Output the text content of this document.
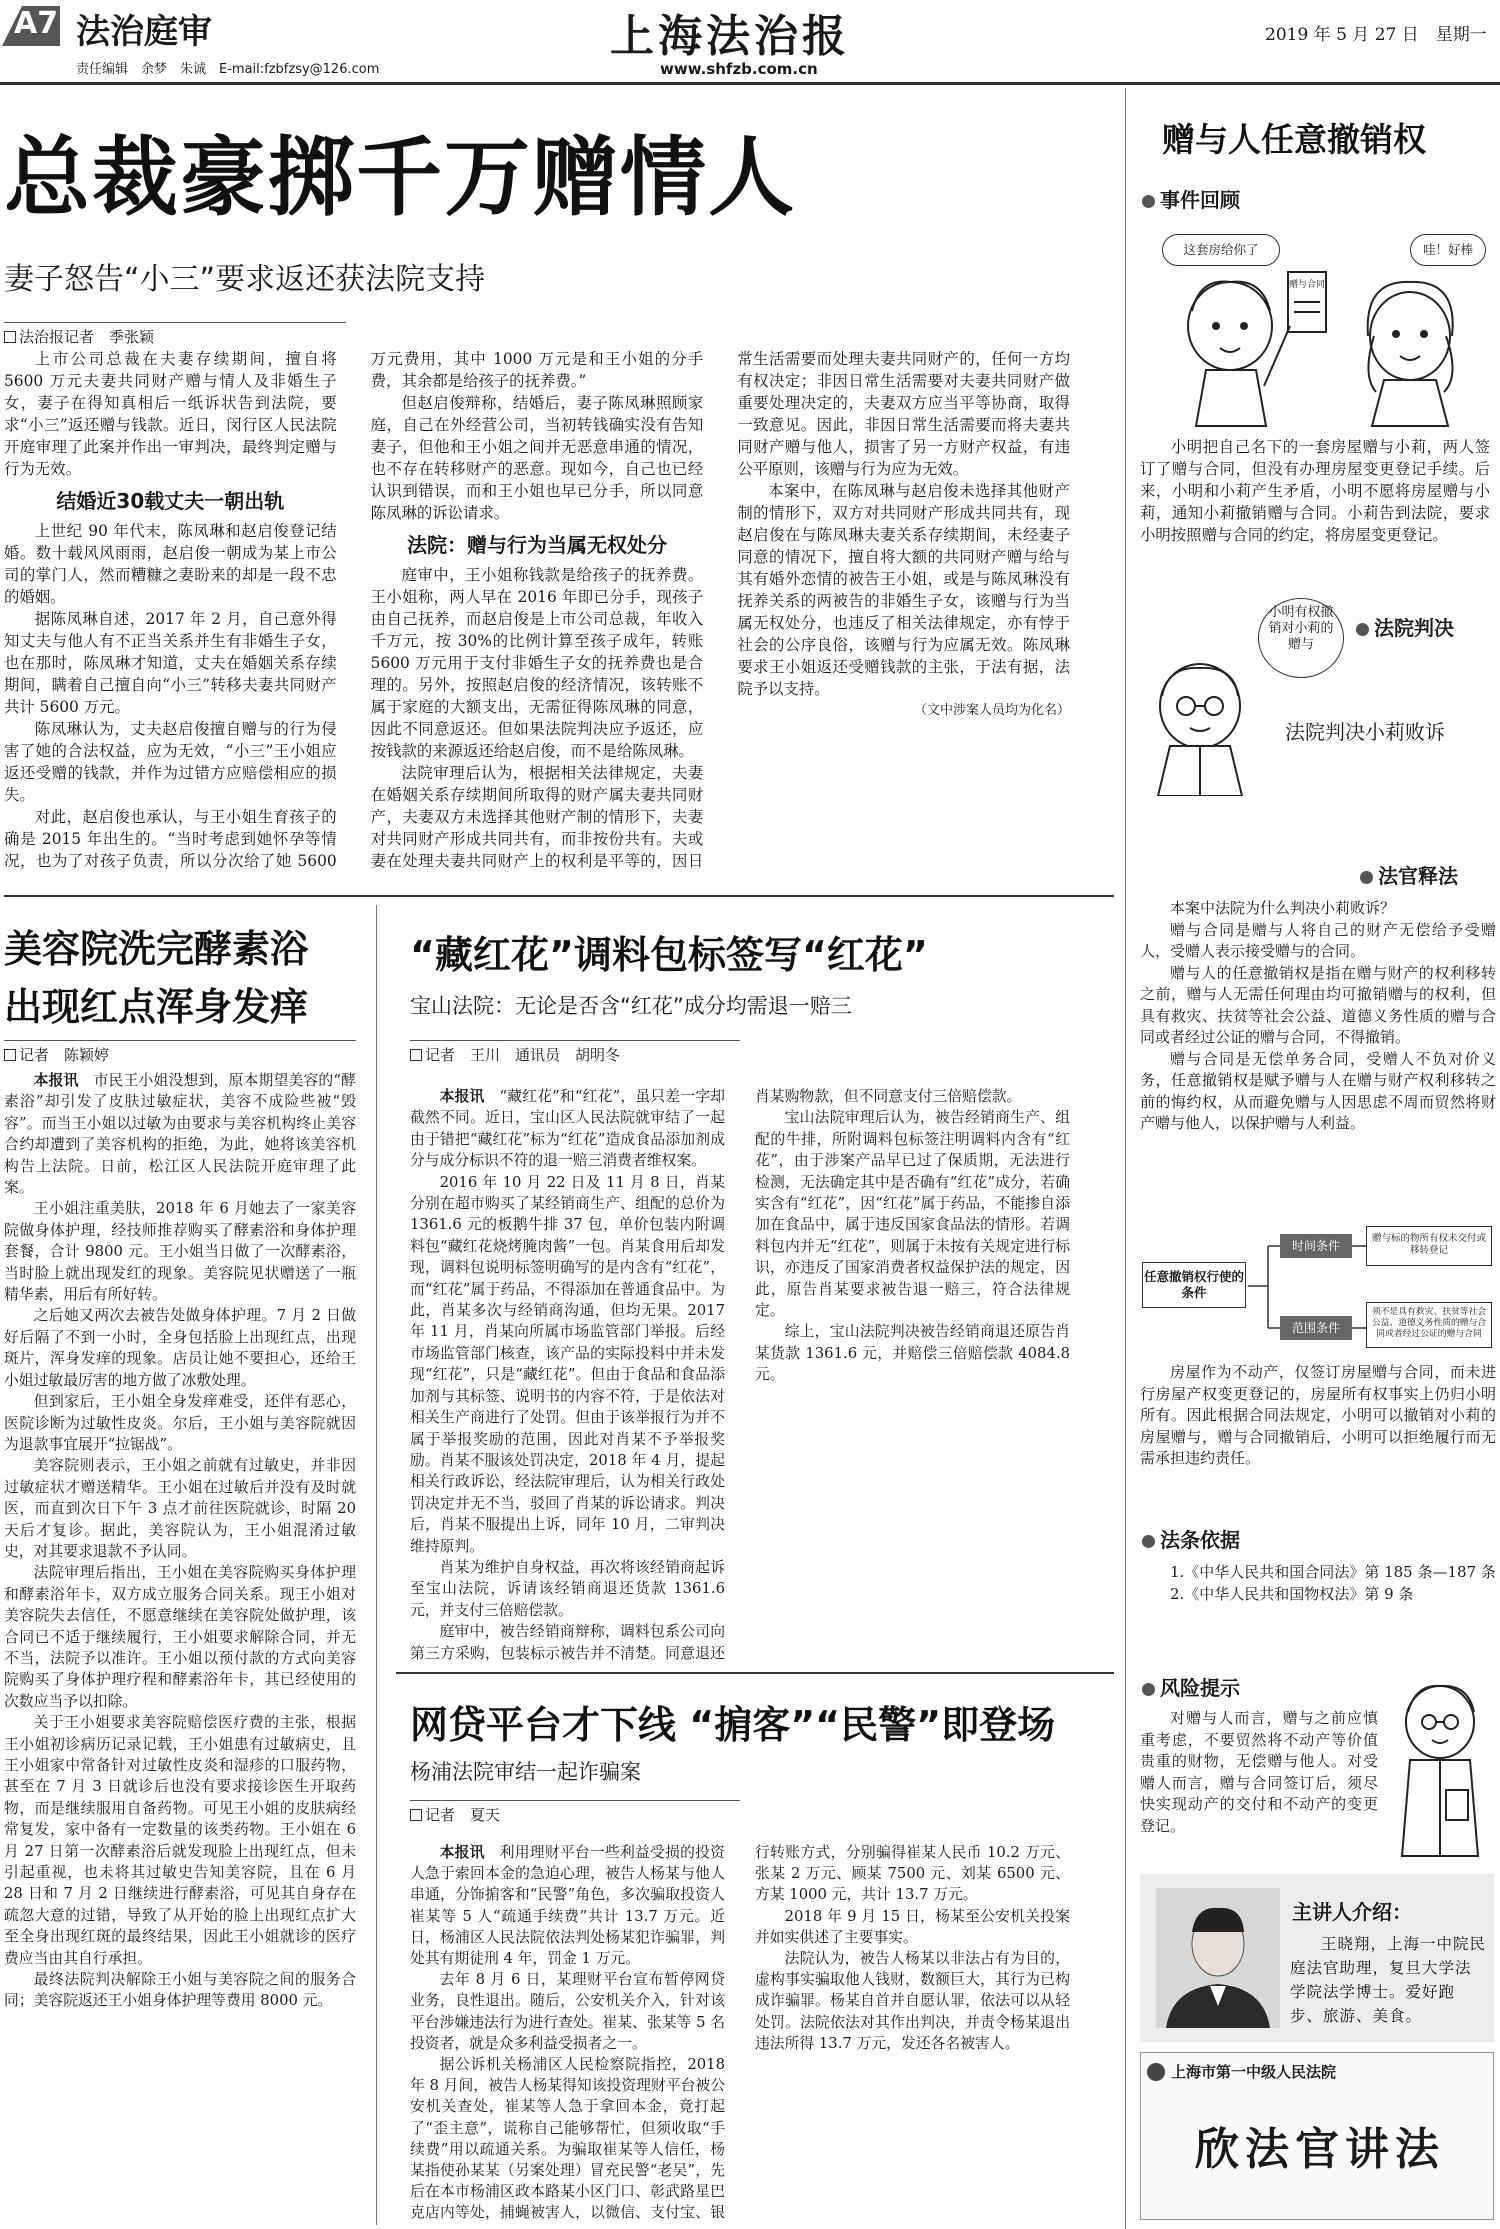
A7 法治庭审
责任编辑　余梦　朱诚　E-mail:fzbfzsy@126.com
上海法治报
www.shfzb.com.cn
2019 年 5 月 27 日　星期一
总裁豪掷千万赠情人
妻子怒告“小三”要求返还获法院支持
法治报记者　季张颖

上市公司总裁在夫妻存续期间，擅自将 5600 万元夫妻共同财产赠与情人及非婚生子女，妻子在得知真相后一纸诉状告到法院，要求“小三”返还赠与钱款。近日，闵行区人民法院开庭审理了此案并作出一审判决，最终判定赠与行为无效。

结婚近30载丈夫一朝出轨

上世纪 90 年代末，陈凤琳和赵启俊登记结婚。数十载风风雨雨，赵启俊一朝成为某上市公司的掌门人，然而糟糠之妻盼来的却是一段不忠的婚姻。

据陈凤琳自述，2017 年 2 月，自己意外得知丈夫与他人有不正当关系并生有非婚生子女，也在那时，陈凤琳才知道，丈夫在婚姻关系存续期间，瞒着自己擅自向“小三”转移夫妻共同财产共计 5600 万元。

陈凤琳认为，丈夫赵启俊擅自赠与的行为侵害了她的合法权益，应为无效，“小三”王小姐应返还受赠的钱款，并作为过错方应赔偿相应的损失。

对此，赵启俊也承认，与王小姐生育孩子的确是 2015 年出生的。“当时考虑到她怀孕等情况，也为了对孩子负责，所以分次给了她 5600 万元费用，其中 1000 万元是和王小姐的分手费，其余都是给孩子的抚养费。”

但赵启俊辩称，结婚后，妻子陈凤琳照顾家庭，自己在外经营公司，当初转钱确实没有告知妻子，但他和王小姐之间并无恶意串通的情况，也不存在转移财产的恶意。现如今，自己也已经认识到错误，而和王小姐也早已分手，所以同意陈凤琳的诉讼请求。

法院：赠与行为当属无权处分

庭审中，王小姐称钱款是给孩子的抚养费。王小姐称，两人早在 2016 年即已分手，现孩子由自己抚养，而赵启俊是上市公司总裁，年收入千万元，按 30%的比例计算至孩子成年，转账 5600 万元用于支付非婚生子女的抚养费也是合理的。另外，按照赵启俊的经济情况，该转账不属于家庭的大额支出，无需征得陈凤琳的同意，因此不同意返还。但如果法院判决应予返还，应按钱款的来源返还给赵启俊，而不是给陈凤琳。

法院审理后认为，根据相关法律规定，夫妻在婚姻关系存续期间所取得的财产属夫妻共同财产，夫妻双方未选择其他财产制的情形下，夫妻对共同财产形成共同共有，而非按份共有。夫或妻在处理夫妻共同财产上的权利是平等的，因日常生活需要而处理夫妻共同财产的，任何一方均有权决定；非因日常生活需要对夫妻共同财产做重要处理决定的，夫妻双方应当平等协商，取得一致意见。因此，非因日常生活需要而将夫妻共同财产赠与他人，损害了另一方财产权益，有违公平原则，该赠与行为应为无效。

本案中，在陈凤琳与赵启俊未选择其他财产制的情形下，双方对共同财产形成共同共有，现赵启俊在与陈凤琳夫妻关系存续期间，未经妻子同意的情况下，擅自将大额的共同财产赠与给与其有婚外恋情的被告王小姐，或是与陈凤琳没有抚养关系的两被告的非婚生子女，该赠与行为当属无权处分，也违反了相关法律规定，亦有悖于社会的公序良俗，该赠与行为应属无效。陈凤琳要求王小姐返还受赠钱款的主张，于法有据，法院予以支持。

（文中涉案人员均为化名）

美容院洗完酵素浴
出现红点浑身发痒
记者　陈颖婷

本报讯　市民王小姐没想到，原本期望美容的“酵素浴”却引发了皮肤过敏症状，美容不成险些被“毁容”。而当王小姐以过敏为由要求与美容机构终止美容合约却遭到了美容机构的拒绝，为此，她将该美容机构告上法院。日前，松江区人民法院开庭审理了此案。

王小姐注重美肤，2018 年 6 月她去了一家美容院做身体护理，经技师推荐购买了酵素浴和身体护理套餐，合计 9800 元。王小姐当日做了一次酵素浴，当时脸上就出现发红的现象。美容院见状赠送了一瓶精华素，用后有所好转。

之后她又两次去被告处做身体护理。7 月 2 日做好后隔了不到一小时，全身包括脸上出现红点，出现斑片，浑身发痒的现象。店员让她不要担心，还给王小姐过敏最厉害的地方做了冰敷处理。

但到家后，王小姐全身发痒难受，还伴有恶心，医院诊断为过敏性皮炎。尔后，王小姐与美容院就因为退款事宜展开“拉锯战”。

美容院则表示，王小姐之前就有过敏史，并非因过敏症状才赠送精华。王小姐在过敏后并没有及时就医，而直到次日下午 3 点才前往医院就诊，时隔 20 天后才复诊。据此，美容院认为，王小姐混淆过敏史，对其要求退款不予认同。

法院审理后指出，王小姐在美容院购买身体护理和酵素浴年卡，双方成立服务合同关系。现王小姐对美容院失去信任，不愿意继续在美容院处做护理，该合同已不适于继续履行，王小姐要求解除合同，并无不当，法院予以准许。王小姐以预付款的方式向美容院购买了身体护理疗程和酵素浴年卡，其已经使用的次数应当予以扣除。

关于王小姐要求美容院赔偿医疗费的主张，根据王小姐初诊病历记录记载，王小姐患有过敏病史，且王小姐家中常备针对过敏性皮炎和湿疹的口服药物，甚至在 7 月 3 日就诊后也没有要求接诊医生开取药物，而是继续服用自备药物。可见王小姐的皮肤病经常复发，家中备有一定数量的该类药物。王小姐在 6 月 27 日第一次酵素浴后就发现脸上出现红点，但未引起重视，也未将其过敏史告知美容院，且在 6 月 28 日和 7 月 2 日继续进行酵素浴，可见其自身存在疏忽大意的过错，导致了从开始的脸上出现红点扩大至全身出现红斑的最终结果，因此王小姐就诊的医疗费应当由其自行承担。

最终法院判决解除王小姐与美容院之间的服务合同；美容院返还王小姐身体护理等费用 8000 元。

“藏红花”调料包标签写“红花”
宝山法院：无论是否含“红花”成分均需退一赔三
记者　王川　通讯员　胡明冬

本报讯　“藏红花”和“红花”，虽只差一字却截然不同。近日，宝山区人民法院就审结了一起由于错把“藏红花”标为“红花”造成食品添加剂成分与成分标识不符的退一赔三消费者维权案。

2016 年 10 月 22 日及 11 月 8 日，肖某分别在超市购买了某经销商生产、组配的总价为 1361.6 元的板鹅牛排 37 包，单价包装内附调料包“藏红花烧烤腌肉酱”一包。肖某食用后却发现，调料包说明标签明确写的是内含有“红花”，而“红花”属于药品，不得添加在普通食品中。为此，肖某多次与经销商沟通，但均无果。2017 年 11 月，肖某向所属市场监管部门举报。后经市场监管部门核查，该产品的实际投料中并未发现“红花”，只是“藏红花”。但由于食品和食品添加剂与其标签、说明书的内容不符，于是依法对相关生产商进行了处罚。但由于该举报行为并不属于举报奖励的范围，因此对肖某不予举报奖励。肖某不服该处罚决定，2018 年 4 月，提起相关行政诉讼，经法院审理后，认为相关行政处罚决定并无不当，驳回了肖某的诉讼请求。判决后，肖某不服提出上诉，同年 10 月，二审判决维持原判。

肖某为维护自身权益，再次将该经销商起诉至宝山法院，诉请该经销商退还货款 1361.6 元，并支付三倍赔偿款。

庭审中，被告经销商辩称，调料包系公司向第三方采购，包装标示被告并不清楚。同意退还肖某购物款，但不同意支付三倍赔偿款。

宝山法院审理后认为，被告经销商生产、组配的牛排，所附调料包标签注明调料内含有“红花”，由于涉案产品早已过了保质期，无法进行检测，无法确定其中是否确有“红花”成分，若确实含有“红花”，因“红花”属于药品，不能掺自添加在食品中，属于违反国家食品法的情形。若调料包内并无“红花”，则属于未按有关规定进行标识，亦违反了国家消费者权益保护法的规定，因此，原告肖某要求被告退一赔三，符合法律规定。

综上，宝山法院判决被告经销商退还原告肖某货款 1361.6 元，并赔偿三倍赔偿款 4084.8 元。

网贷平台才下线 “掮客”“民警”即登场
杨浦法院审结一起诈骗案
记者　夏天

本报讯　利用理财平台一些利益受损的投资人急于索回本金的急迫心理，被告人杨某与他人串通，分饰掮客和“民警”角色，多次骗取投资人崔某等 5 人“疏通手续费”共计 13.7 万元。近日，杨浦区人民法院依法判处杨某犯诈骗罪，判处其有期徒刑 4 年，罚金 1 万元。

去年 8 月 6 日，某理财平台宣布暂停网贷业务，良性退出。随后，公安机关介入，针对该平台涉嫌违法行为进行查处。崔某、张某等 5 名投资者，就是众多利益受损者之一。

据公诉机关杨浦区人民检察院指控，2018 年 8 月间，被告人杨某得知该投资理财平台被公安机关查处，崔某等人急于拿回本金，竟打起了“歪主意”，谎称自己能够帮忙，但须收取“手续费”用以疏通关系。为骗取崔某等人信任，杨某指使孙某某（另案处理）冒充民警“老吴”，先后在本市杨浦区政本路某小区门口、彰武路星巴克店内等处，捕蝇被害人，以微信、支付宝、银行转账方式，分别骗得崔某人民币 10.2 万元、张某 2 万元、顾某 7500 元、刘某 6500 元、方某 1000 元，共计 13.7 万元。

2018 年 9 月 15 日，杨某至公安机关投案并如实供述了主要事实。

法院认为，被告人杨某以非法占有为目的，虚构事实骗取他人钱财，数额巨大，其行为已构成诈骗罪。杨某自首并自愿认罪，依法可以从轻处罚。法院依法对其作出判决，并责令杨某退出违法所得 13.7 万元，发还各名被害人。

赠与人任意撤销权
事件回顾
这套房给你了	哇！好棒
赠与合同

小明把自己名下的一套房屋赠与小莉，两人签订了赠与合同，但没有办理房屋变更登记手续。后来，小明和小莉产生矛盾，小明不愿将房屋赠与小莉，通知小莉撤销赠与合同。小莉告到法院，要求小明按照赠与合同的约定，将房屋变更登记。

小明有权撤销对小莉的赠与
法院判决
法院判决小莉败诉
法官释法

本案中法院为什么判决小莉败诉？

赠与合同是赠与人将自己的财产无偿给予受赠人，受赠人表示接受赠与的合同。

赠与人的任意撤销权是指在赠与财产的权利移转之前，赠与人无需任何理由均可撤销赠与的权利，但具有救灾、扶贫等社会公益、道德义务性质的赠与合同或者经过公证的赠与合同，不得撤销。

赠与合同是无偿单务合同，受赠人不负对价义务，任意撤销权是赋予赠与人在赠与财产权利移转之前的悔约权，从而避免赠与人因思虑不周而贸然将财产赠与他人，以保护赠与人利益。

任意撤销权行使的条件
时间条件
范围条件
赠与标的物所有权未交付或移转登记
须不是具有救灾、扶贫等社会公益、道德义务性质的赠与合同或者经过公证的赠与合同

房屋作为不动产，仅签订房屋赠与合同，而未进行房屋产权变更登记的，房屋所有权事实上仍归小明所有。因此根据合同法规定，小明可以撤销对小莉的房屋赠与，赠与合同撤销后，小明可以拒绝履行而无需承担违约责任。

法条依据

1.《中华人民共和国合同法》第 185 条—187 条

2.《中华人民共和国物权法》第 9 条

风险提示

对赠与人而言，赠与之前应慎重考虑，不要贸然将不动产等价值贵重的财物，无偿赠与他人。对受赠人而言，赠与合同签订后，须尽快实现动产的交付和不动产的变更登记。

主讲人介绍：
王晓翔，上海一中院民庭法官助理，复旦大学法学院法学博士。爱好跑步、旅游、美食。
上海市第一中级人民法院
欣法官讲法
